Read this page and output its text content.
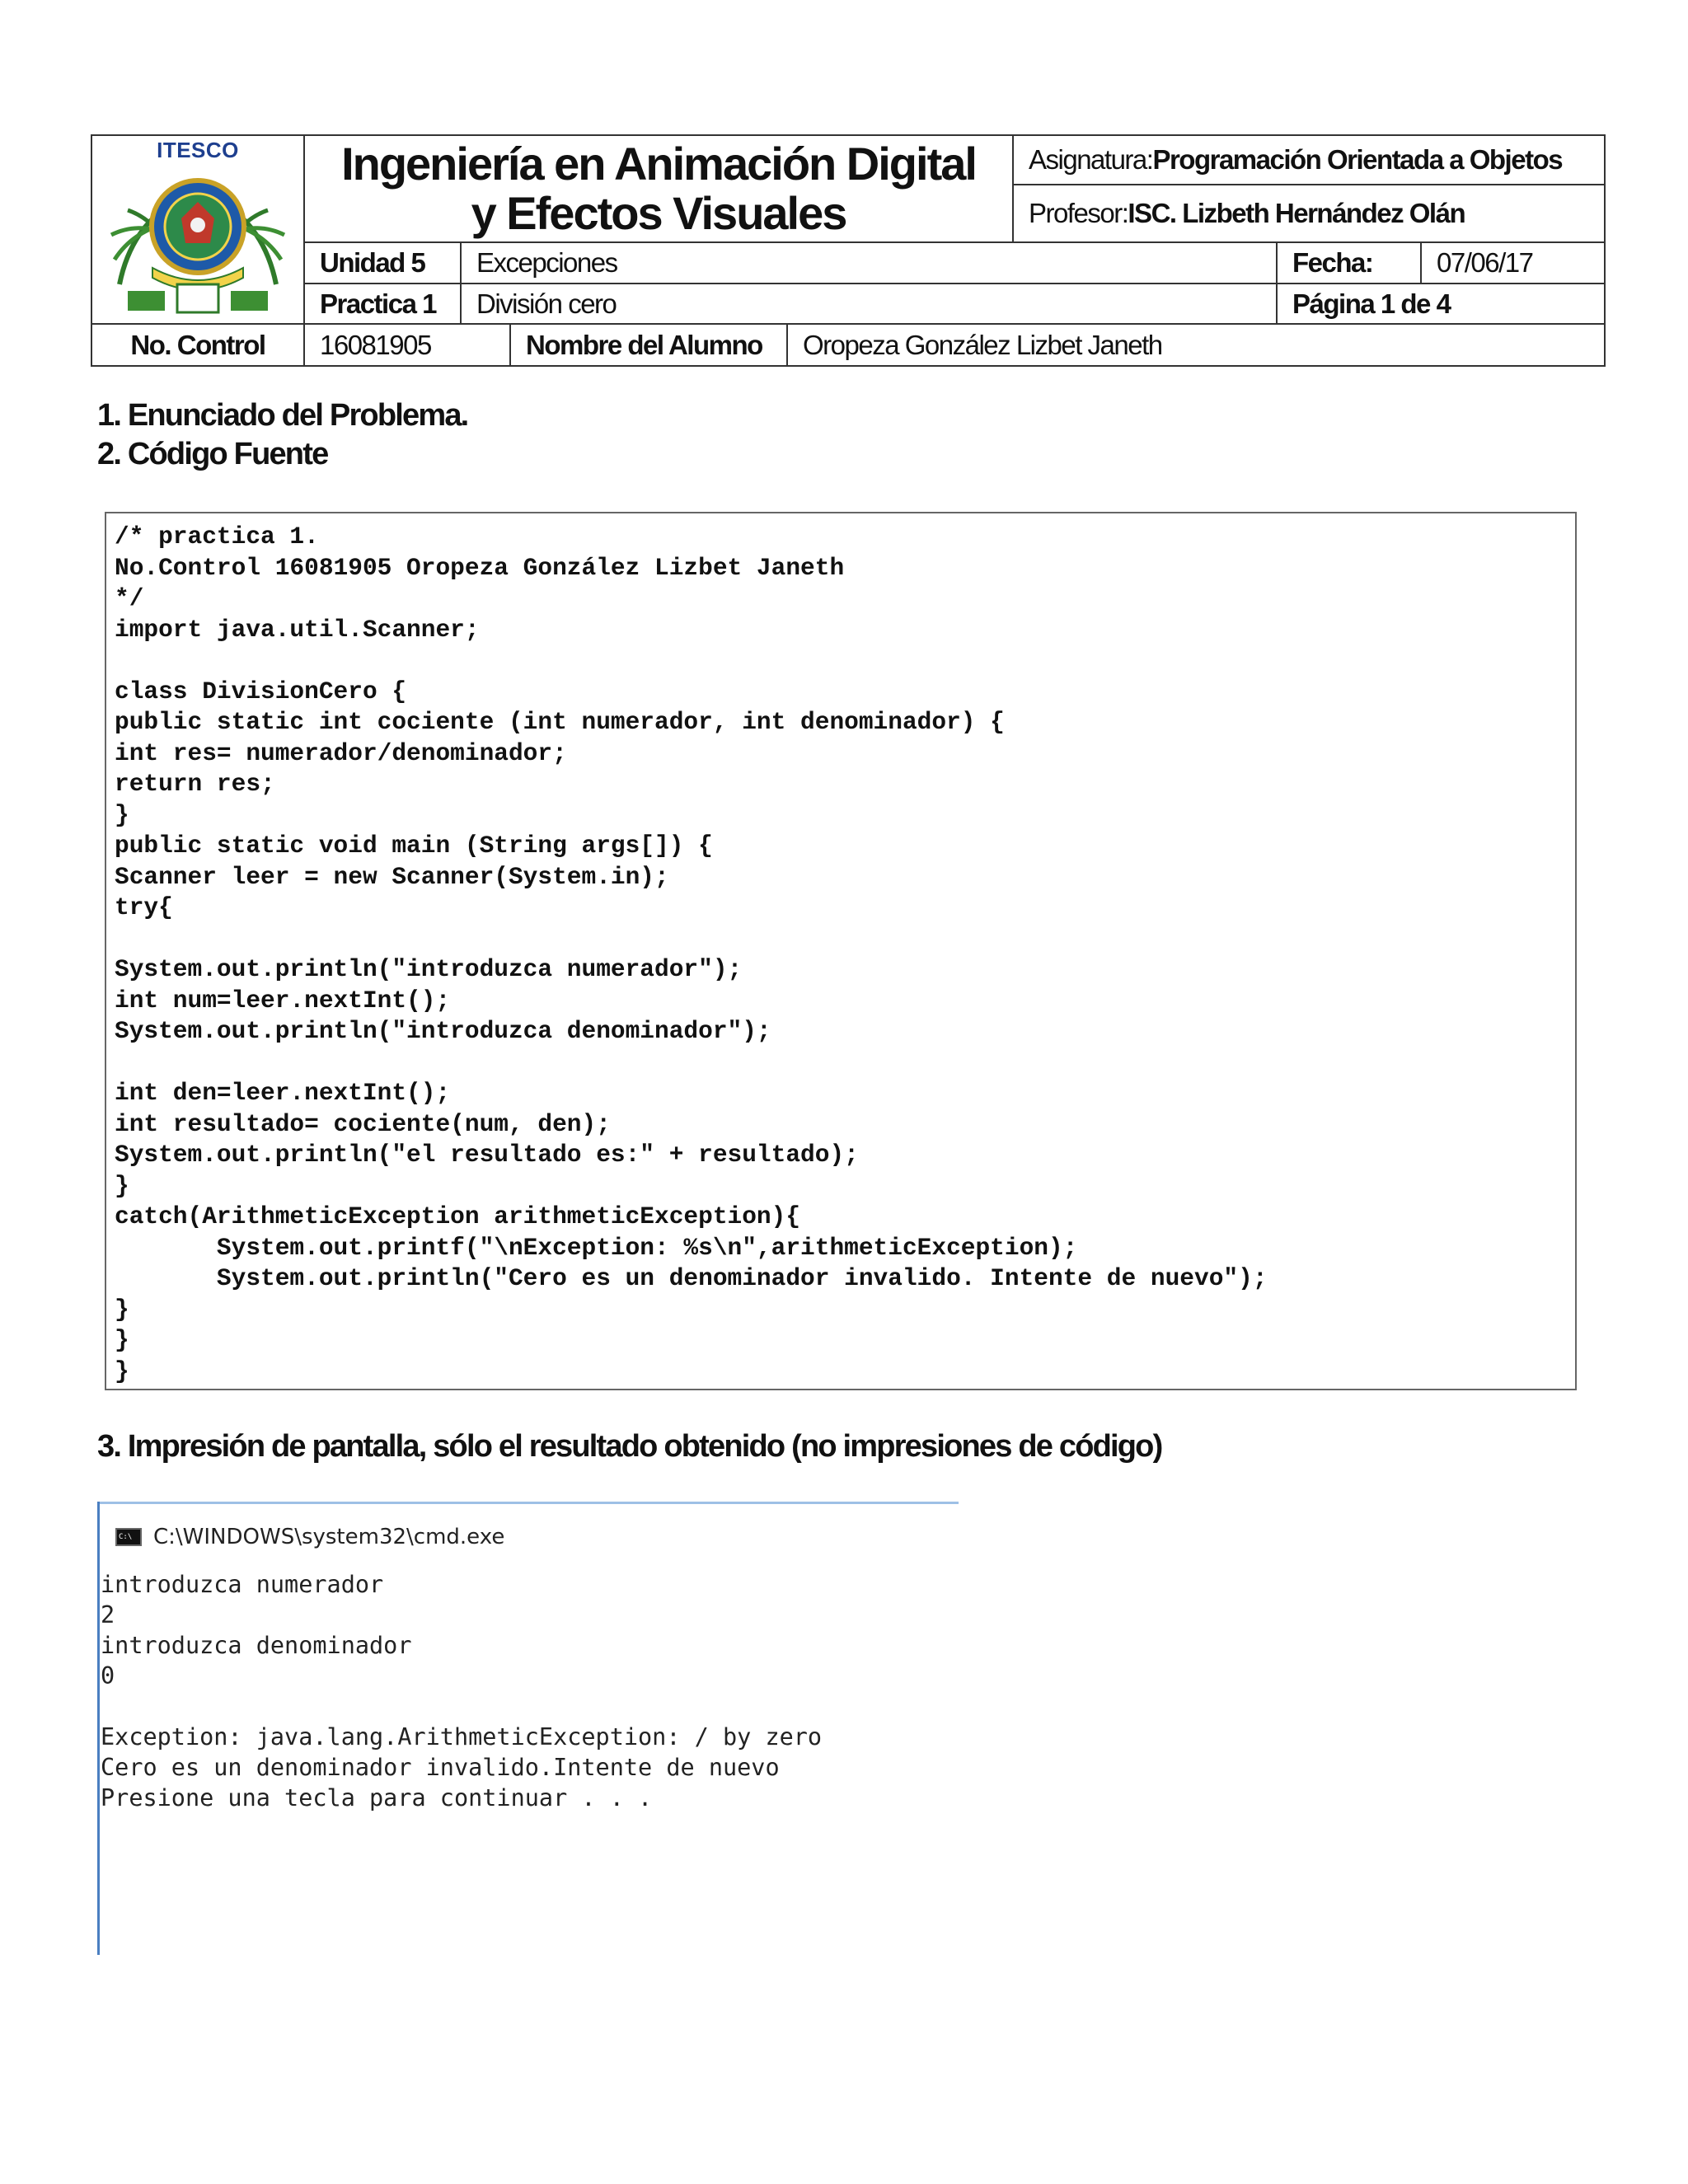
ITESCO Ingeniería en Animación Digital
y Efectos Visuales
Asignatura: Programación Orientada a Objetos
Profesor: ISC. Lizbeth Hernández Olán
Unidad 5	Excepciones	Fecha:	07/06/17
Practica 1	División cero	Página 1 de 4
No. Control	16081905	Nombre del Alumno	Oropeza González Lizbet Janeth
1. Enunciado del Problema.
2. Código Fuente
/* practica 1.
No.Control 16081905 Oropeza González Lizbet Janeth
*/
import java.util.Scanner;

class DivisionCero {
public static int cociente (int numerador, int denominador) {
int res= numerador/denominador;
return res;
}
public static void main (String args[]) {
Scanner leer = new Scanner(System.in);
try{

System.out.println("introduzca numerador");
int num=leer.nextInt();
System.out.println("introduzca denominador");

int den=leer.nextInt();
int resultado= cociente(num, den);
System.out.println("el resultado es:" + resultado);
}
catch(ArithmeticException arithmeticException){
System.out.printf("\nException: %s\n",arithmeticException);
System.out.println("Cero es un denominador invalido. Intente de nuevo");
}
}
}
3. Impresión de pantalla, sólo el resultado obtenido (no impresiones de código)
C:\ C:\WINDOWS\system32\cmd.exe
introduzca numerador
2
introduzca denominador
0

Exception: java.lang.ArithmeticException: / by zero
Cero es un denominador invalido.Intente de nuevo
Presione una tecla para continuar . . .
